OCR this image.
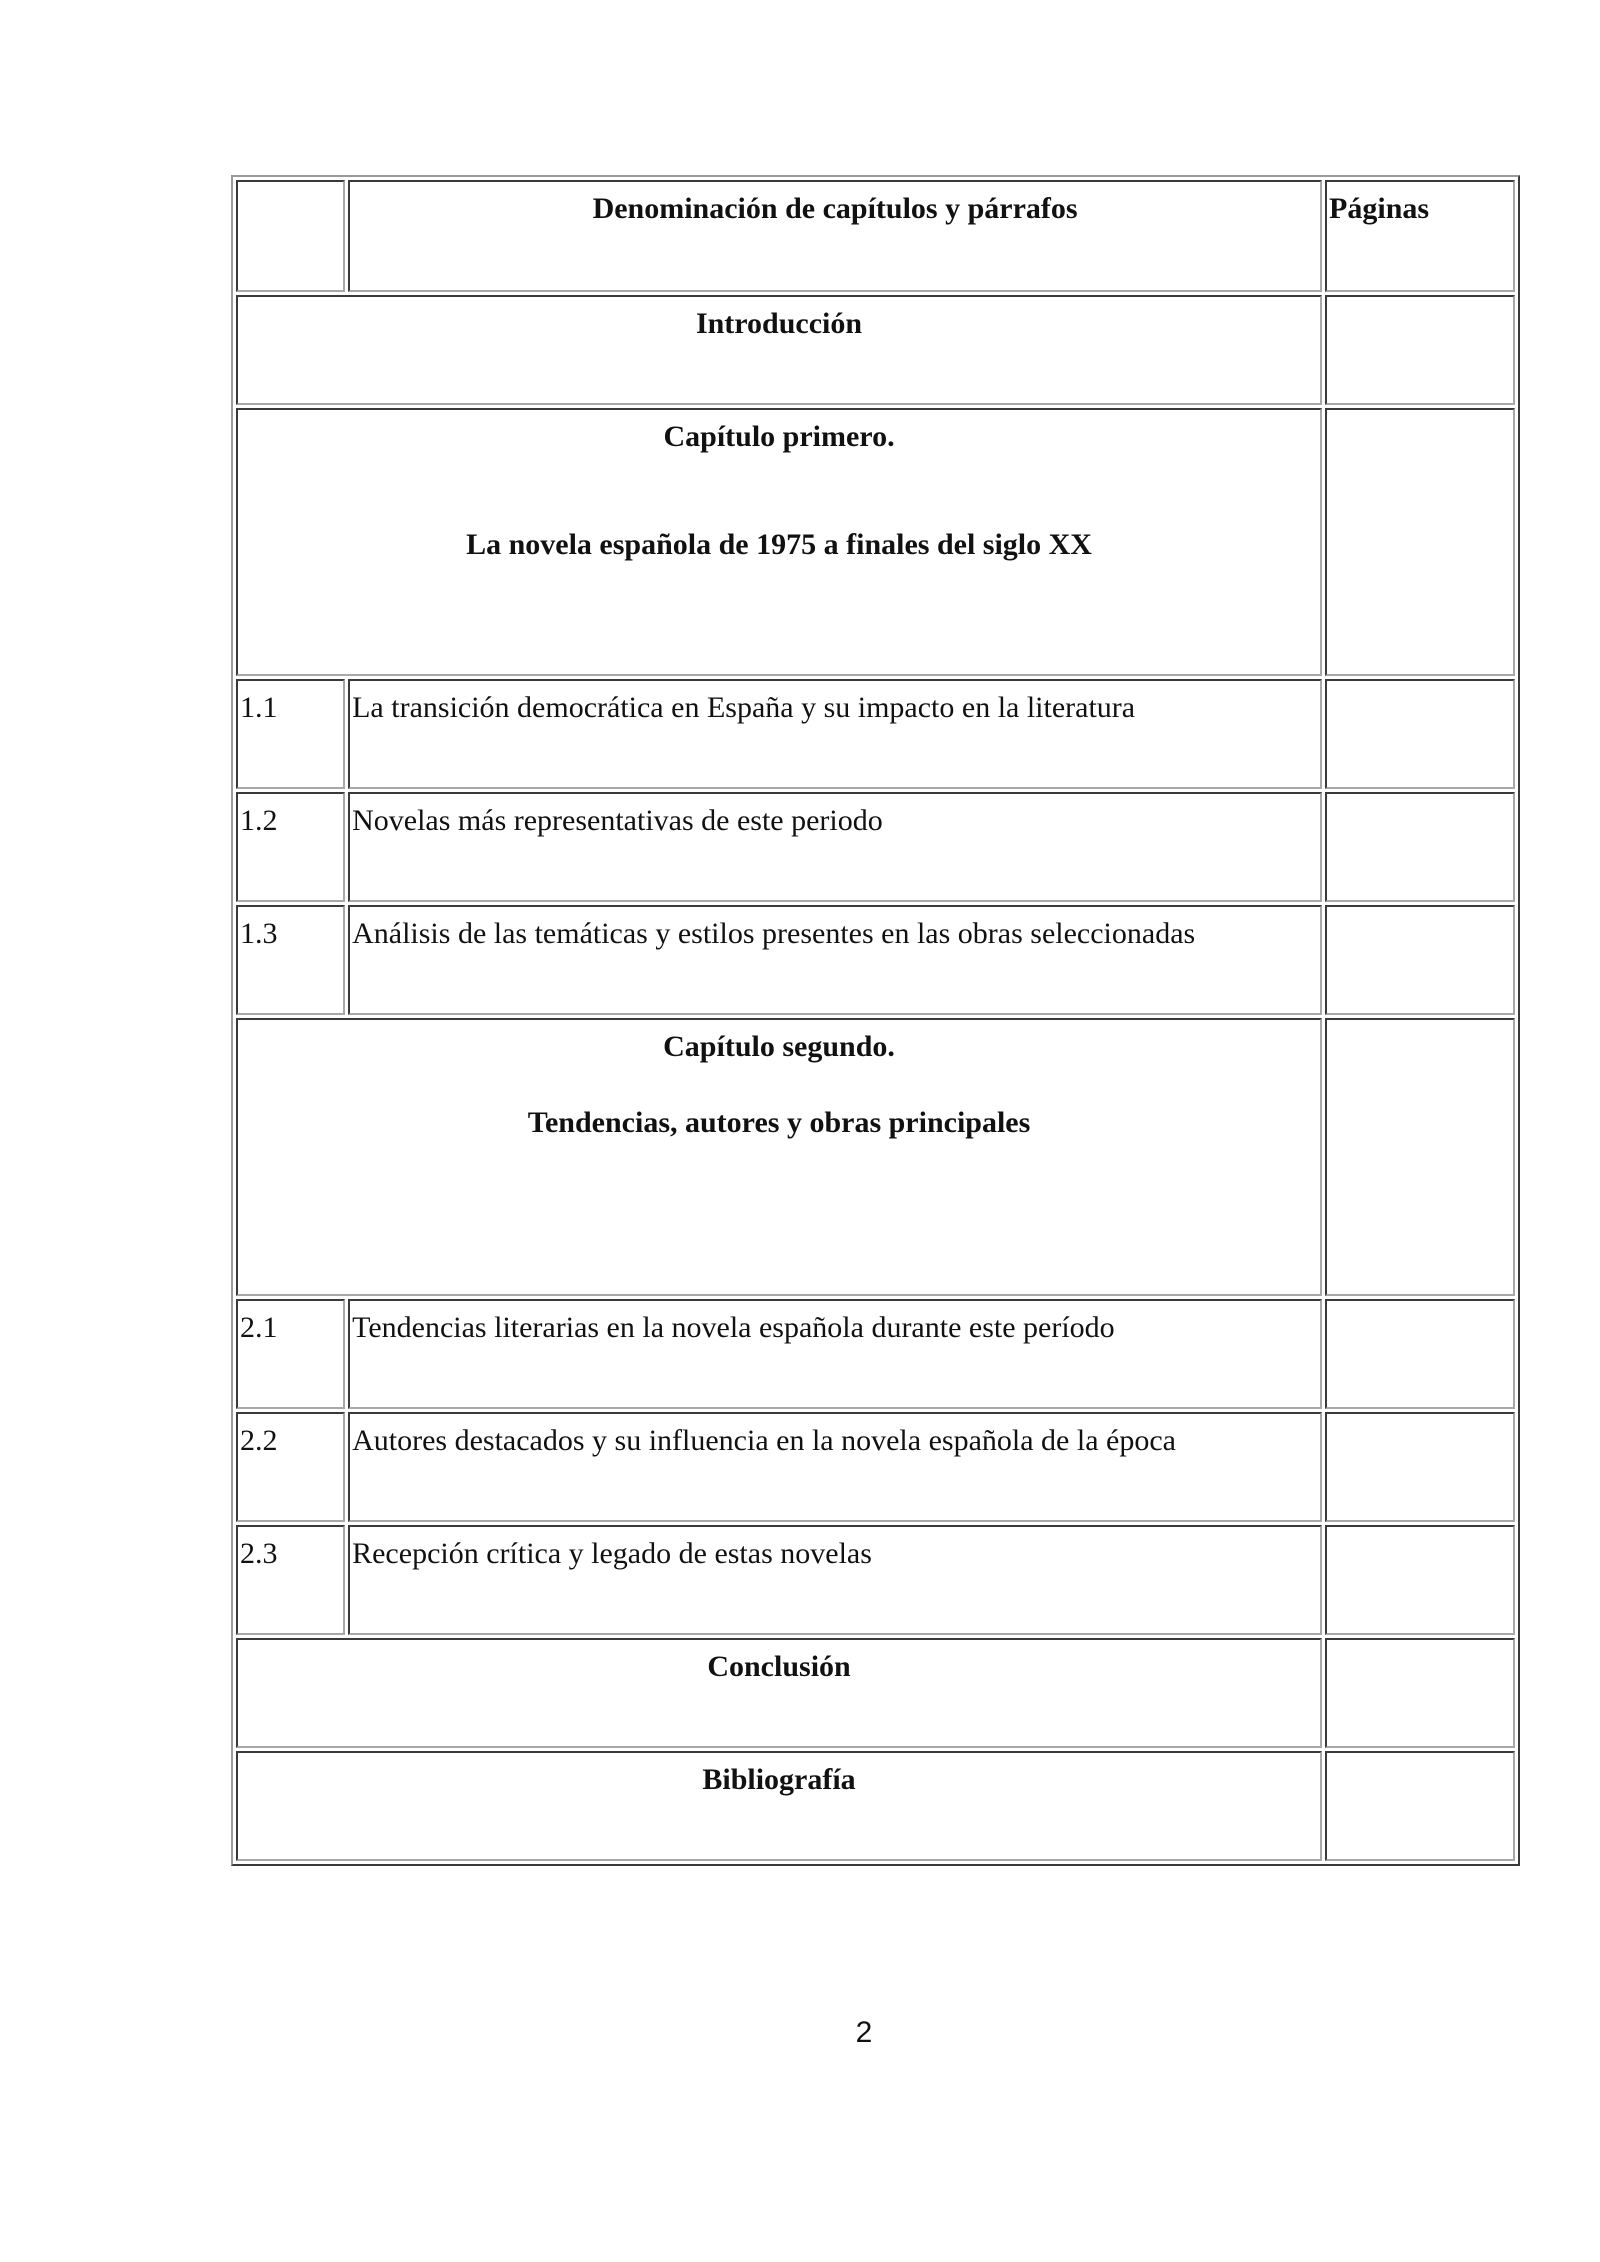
	Denominación de capítulos y párrafos	Páginas

Introducción		

Capítulo primero.
La novela española de 1975 a finales del siglo XX		

1.1	La transición democrática en España y su impacto en la literatura	

1.2	Novelas más representativas de este periodo	

1.3	Análisis de las temáticas y estilos presentes en las obras seleccionadas	

Capítulo segundo.
Tendencias, autores y obras principales		

2.1	Tendencias literarias en la novela española durante este período	

2.2	Autores destacados y su influencia en la novela española de la época	

2.3	Recepción crítica y legado de estas novelas	

Conclusión		

Bibliografía		

2
